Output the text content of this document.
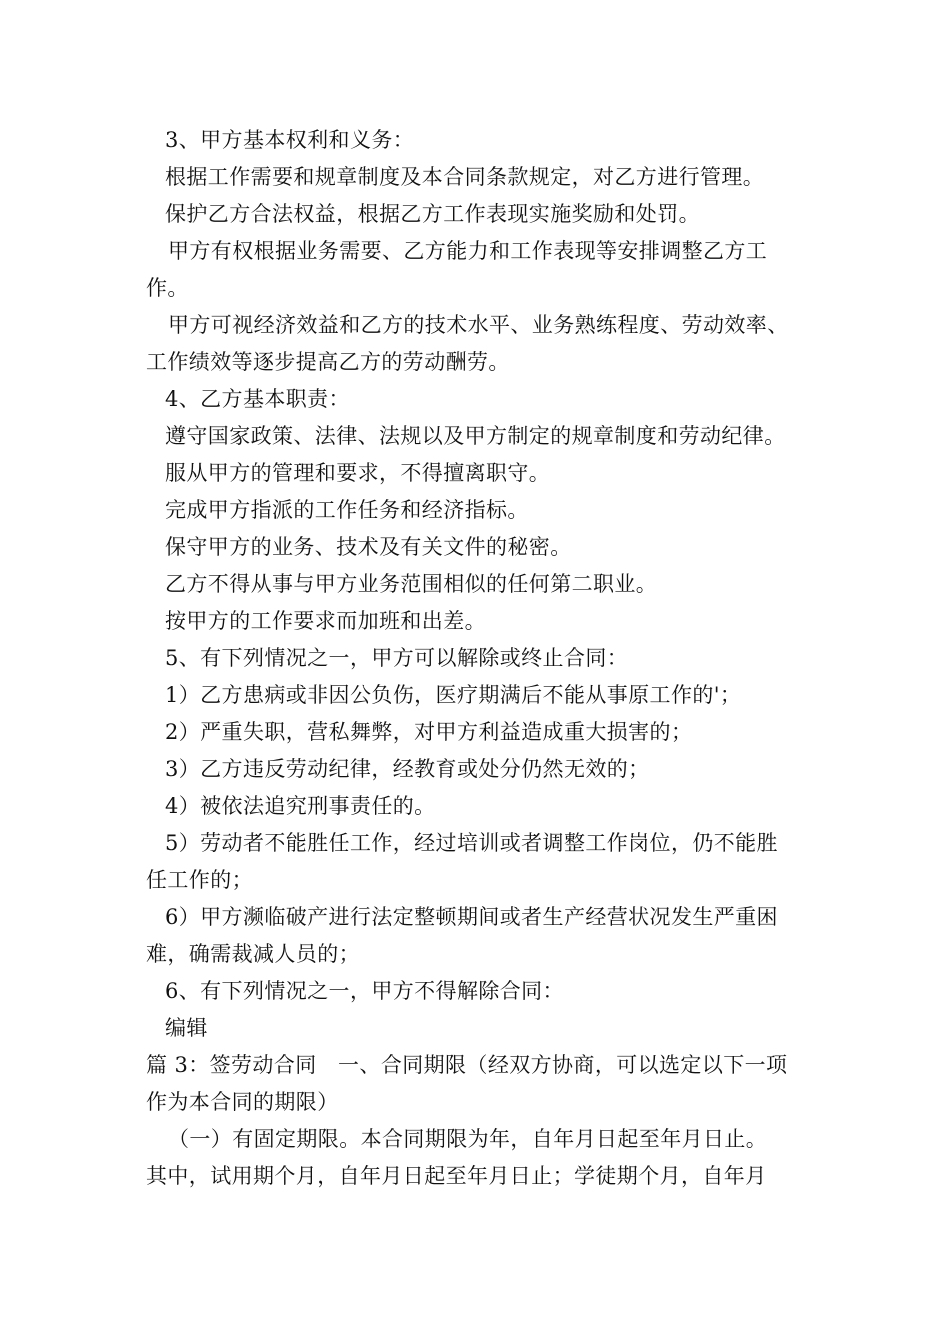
3、甲方基本权利和义务：
根据工作需要和规章制度及本合同条款规定，对乙方进行管理。
保护乙方合法权益，根据乙方工作表现实施奖励和处罚。
甲方有权根据业务需要、乙方能力和工作表现等安排调整乙方工
作。
甲方可视经济效益和乙方的技术水平、业务熟练程度、劳动效率、
工作绩效等逐步提高乙方的劳动酬劳。
4、乙方基本职责：
遵守国家政策、法律、法规以及甲方制定的规章制度和劳动纪律。
服从甲方的管理和要求，不得擅离职守。
完成甲方指派的工作任务和经济指标。
保守甲方的业务、技术及有关文件的秘密。
乙方不得从事与甲方业务范围相似的任何第二职业。
按甲方的工作要求而加班和出差。
5、有下列情况之一，甲方可以解除或终止合同：
1）乙方患病或非因公负伤，医疗期满后不能从事原工作的'；
2）严重失职，营私舞弊，对甲方利益造成重大损害的；
3）乙方违反劳动纪律，经教育或处分仍然无效的；
4）被依法追究刑事责任的。
5）劳动者不能胜任工作，经过培训或者调整工作岗位，仍不能胜
任工作的；
6）甲方濒临破产进行法定整顿期间或者生产经营状况发生严重困
难，确需裁减人员的；
6、有下列情况之一，甲方不得解除合同：
编辑
篇 3：签劳动合同　一、合同期限（经双方协商，可以选定以下一项
作为本合同的期限）
（一）有固定期限。本合同期限为年，自年月日起至年月日止。
其中，试用期个月，自年月日起至年月日止；学徒期个月，自年月
